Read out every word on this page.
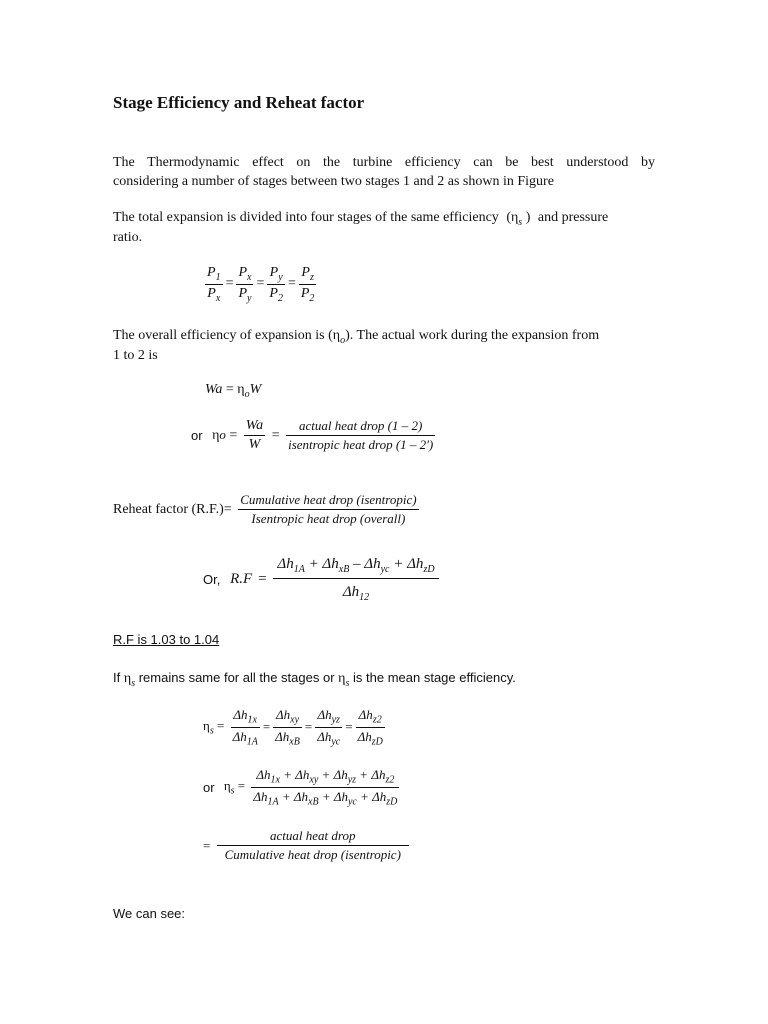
Stage Efficiency and Reheat factor
The Thermodynamic effect on the turbine efficiency can be best understood by
considering a number of stages between two stages 1 and 2 as shown in Figure
The total expansion is divided into four stages of the same efficiency ($\eta_s$ ) and pressure
ratio.
$\frac{P_1}{P_x} = \frac{P_x}{P_y} = \frac{P_y}{P_2} = \frac{P_z}{P_2}$
The overall efficiency of expansion is $(\eta_o)$. The actual work during the expansion from
1 to 2 is
$Wa = \eta_oW$
or $\eta o = \frac{Wa}{W} = \frac{\text{actual heat drop (1 – 2)}}{\text{isentropic heat drop (1 – 2')}}$
Reheat factor $(R.F.)= \frac{\text{Cumulative heat drop (isentropic)}}{\text{Isentropic heat drop (overall)}}$
Or, $R.F = \frac{\Delta h_{1A} + \Delta h_{xB} - \Delta h_{yc} + \Delta h_{zD}}{\Delta h_{12}}$
R.F is 1.03 to 1.04
If $\eta_s$ remains same for all the stages or $\eta_s$ is the mean stage efficiency.
$\eta_s = \frac{\Delta h_{1x}}{\Delta h_{1A}} = \frac{\Delta h_{xy}}{\Delta h_{xB}} = \frac{\Delta h_{yz}}{\Delta h_{yc}} = \frac{\Delta h_{z2}}{\Delta h_{zD}}$
or $\eta_s = \frac{\Delta h_{1x} + \Delta h_{xy} + \Delta h_{yz} + \Delta h_{z2}}{\Delta h_{1A} + \Delta h_{xB} + \Delta h_{yc} + \Delta h_{zD}}$
= $\frac{\text{actual heat drop}}{\text{Cumulative heat drop (isentropic)}}$
We can see:
